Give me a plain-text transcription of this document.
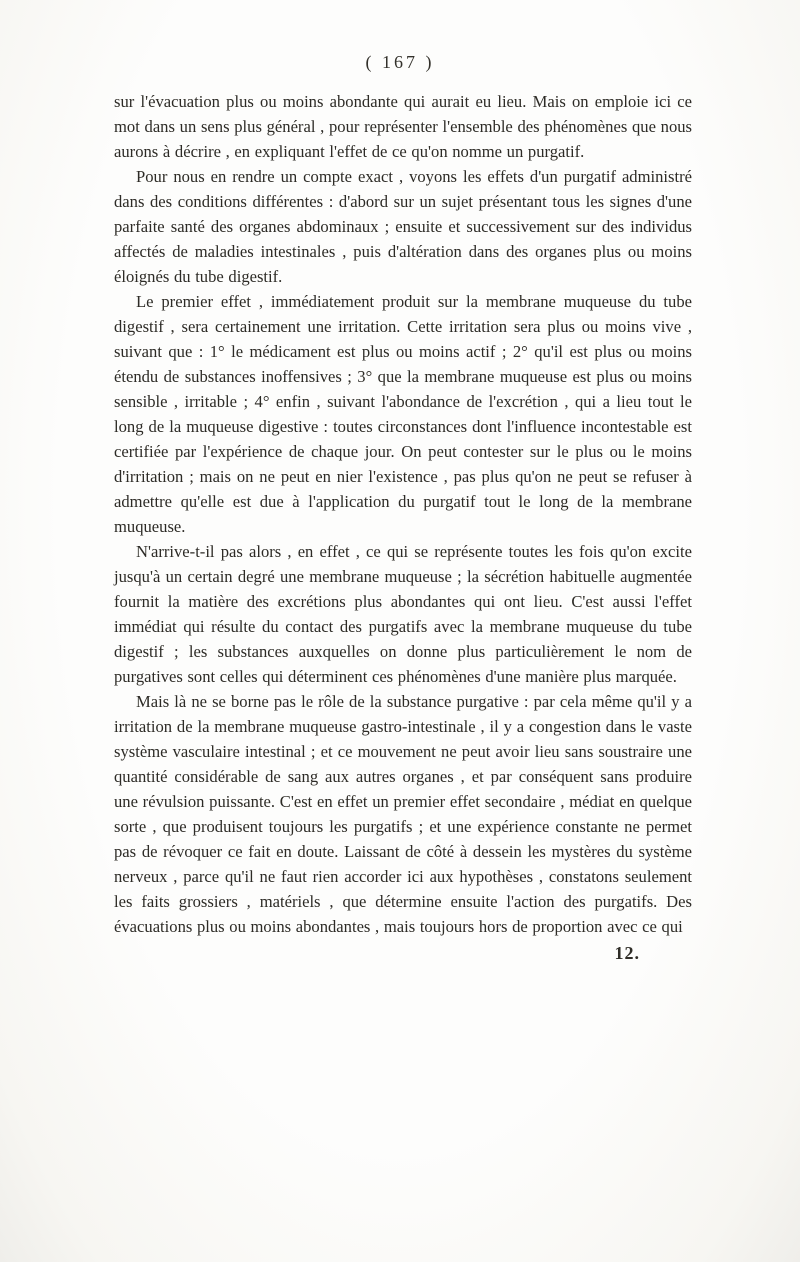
( 167 )

sur l'évacuation plus ou moins abondante qui aurait eu lieu. Mais on emploie ici ce mot dans un sens plus général , pour représenter l'ensemble des phénomènes que nous aurons à décrire , en expliquant l'effet de ce qu'on nomme un purgatif.

Pour nous en rendre un compte exact , voyons les effets d'un purgatif administré dans des conditions différentes : d'abord sur un sujet présentant tous les signes d'une parfaite santé des organes abdominaux ; ensuite et successivement sur des individus affectés de maladies intestinales , puis d'altération dans des organes plus ou moins éloignés du tube digestif.

Le premier effet , immédiatement produit sur la membrane muqueuse du tube digestif , sera certainement une irritation. Cette irritation sera plus ou moins vive , suivant que : 1° le médicament est plus ou moins actif ; 2° qu'il est plus ou moins étendu de substances inoffensives ; 3° que la membrane muqueuse est plus ou moins sensible , irritable ; 4° enfin , suivant l'abondance de l'excrétion , qui a lieu tout le long de la muqueuse digestive : toutes circonstances dont l'influence incontestable est certifiée par l'expérience de chaque jour. On peut contester sur le plus ou le moins d'irritation ; mais on ne peut en nier l'existence , pas plus qu'on ne peut se refuser à admettre qu'elle est due à l'application du purgatif tout le long de la membrane muqueuse.

N'arrive-t-il pas alors , en effet , ce qui se représente toutes les fois qu'on excite jusqu'à un certain degré une membrane muqueuse ; la sécrétion habituelle augmentée fournit la matière des excrétions plus abondantes qui ont lieu. C'est aussi l'effet immédiat qui résulte du contact des purgatifs avec la membrane muqueuse du tube digestif ; les substances auxquelles on donne plus particulièrement le nom de purgatives sont celles qui déterminent ces phénomènes d'une manière plus marquée.

Mais là ne se borne pas le rôle de la substance purgative : par cela même qu'il y a irritation de la membrane muqueuse gastro-intestinale , il y a congestion dans le vaste système vasculaire intestinal ; et ce mouvement ne peut avoir lieu sans soustraire une quantité considérable de sang aux autres organes , et par conséquent sans produire une révulsion puissante. C'est en effet un premier effet secondaire , médiat en quelque sorte , que produisent toujours les purgatifs ; et une expérience constante ne permet pas de révoquer ce fait en doute. Laissant de côté à dessein les mystères du système nerveux , parce qu'il ne faut rien accorder ici aux hypothèses , constatons seulement les faits grossiers , matériels , que détermine ensuite l'action des purgatifs. Des évacuations plus ou moins abondantes , mais toujours hors de proportion avec ce qui

12.
